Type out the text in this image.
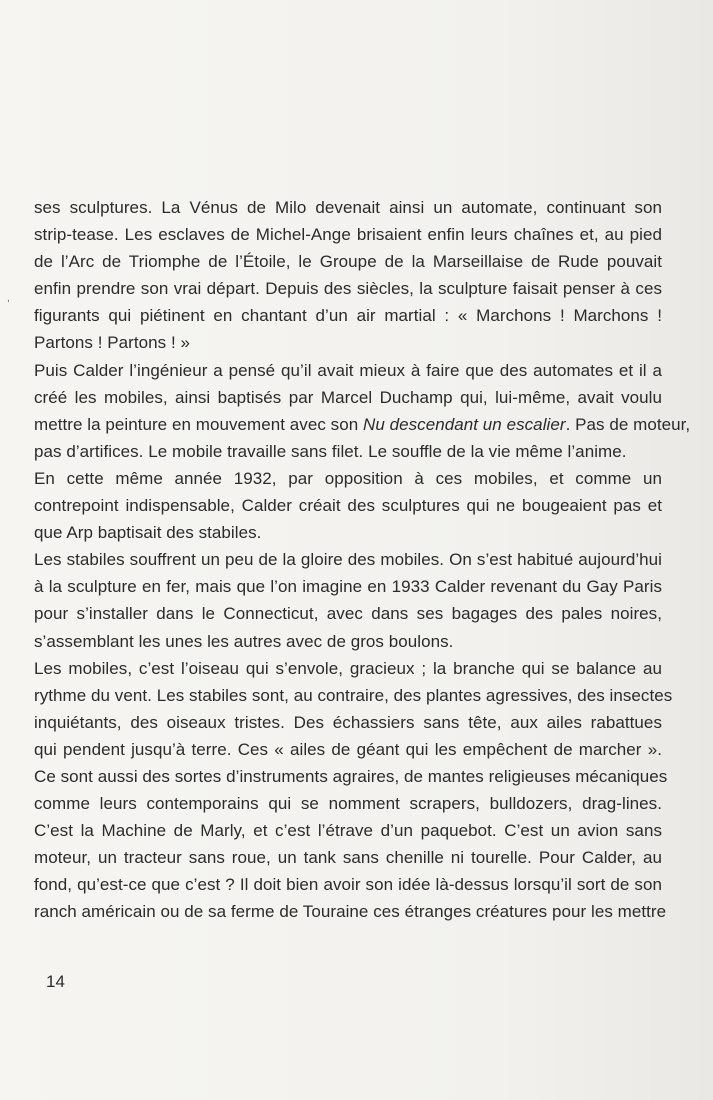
,
ses sculptures. La Vénus de Milo devenait ainsi un automate, continuant son
strip-tease. Les esclaves de Michel-Ange brisaient enfin leurs chaînes et, au pied
de l’Arc de Triomphe de l’Étoile, le Groupe de la Marseillaise de Rude pouvait
enfin prendre son vrai départ. Depuis des siècles, la sculpture faisait penser à ces
figurants qui piétinent en chantant d’un air martial : « Marchons ! Marchons !
Partons ! Partons ! »
Puis Calder l’ingénieur a pensé qu’il avait mieux à faire que des automates et il a
créé les mobiles, ainsi baptisés par Marcel Duchamp qui, lui-même, avait voulu
mettre la peinture en mouvement avec son Nu descendant un escalier. Pas de moteur,
pas d’artifices. Le mobile travaille sans filet. Le souffle de la vie même l’anime.
En cette même année 1932, par opposition à ces mobiles, et comme un
contrepoint indispensable, Calder créait des sculptures qui ne bougeaient pas et
que Arp baptisait des stabiles.
Les stabiles souffrent un peu de la gloire des mobiles. On s’est habitué aujourd’hui
à la sculpture en fer, mais que l’on imagine en 1933 Calder revenant du Gay Paris
pour s’installer dans le Connecticut, avec dans ses bagages des pales noires,
s’assemblant les unes les autres avec de gros boulons.
Les mobiles, c’est l’oiseau qui s’envole, gracieux ; la branche qui se balance au
rythme du vent. Les stabiles sont, au contraire, des plantes agressives, des insectes
inquiétants, des oiseaux tristes. Des échassiers sans tête, aux ailes rabattues
qui pendent jusqu’à terre. Ces « ailes de géant qui les empêchent de marcher ».
Ce sont aussi des sortes d’instruments agraires, de mantes religieuses mécaniques
comme leurs contemporains qui se nomment scrapers, bulldozers, drag-lines.
C’est la Machine de Marly, et c’est l’étrave d’un paquebot. C’est un avion sans
moteur, un tracteur sans roue, un tank sans chenille ni tourelle. Pour Calder, au
fond, qu’est-ce que c’est ? Il doit bien avoir son idée là-dessus lorsqu’il sort de son
ranch américain ou de sa ferme de Touraine ces étranges créatures pour les mettre
14
